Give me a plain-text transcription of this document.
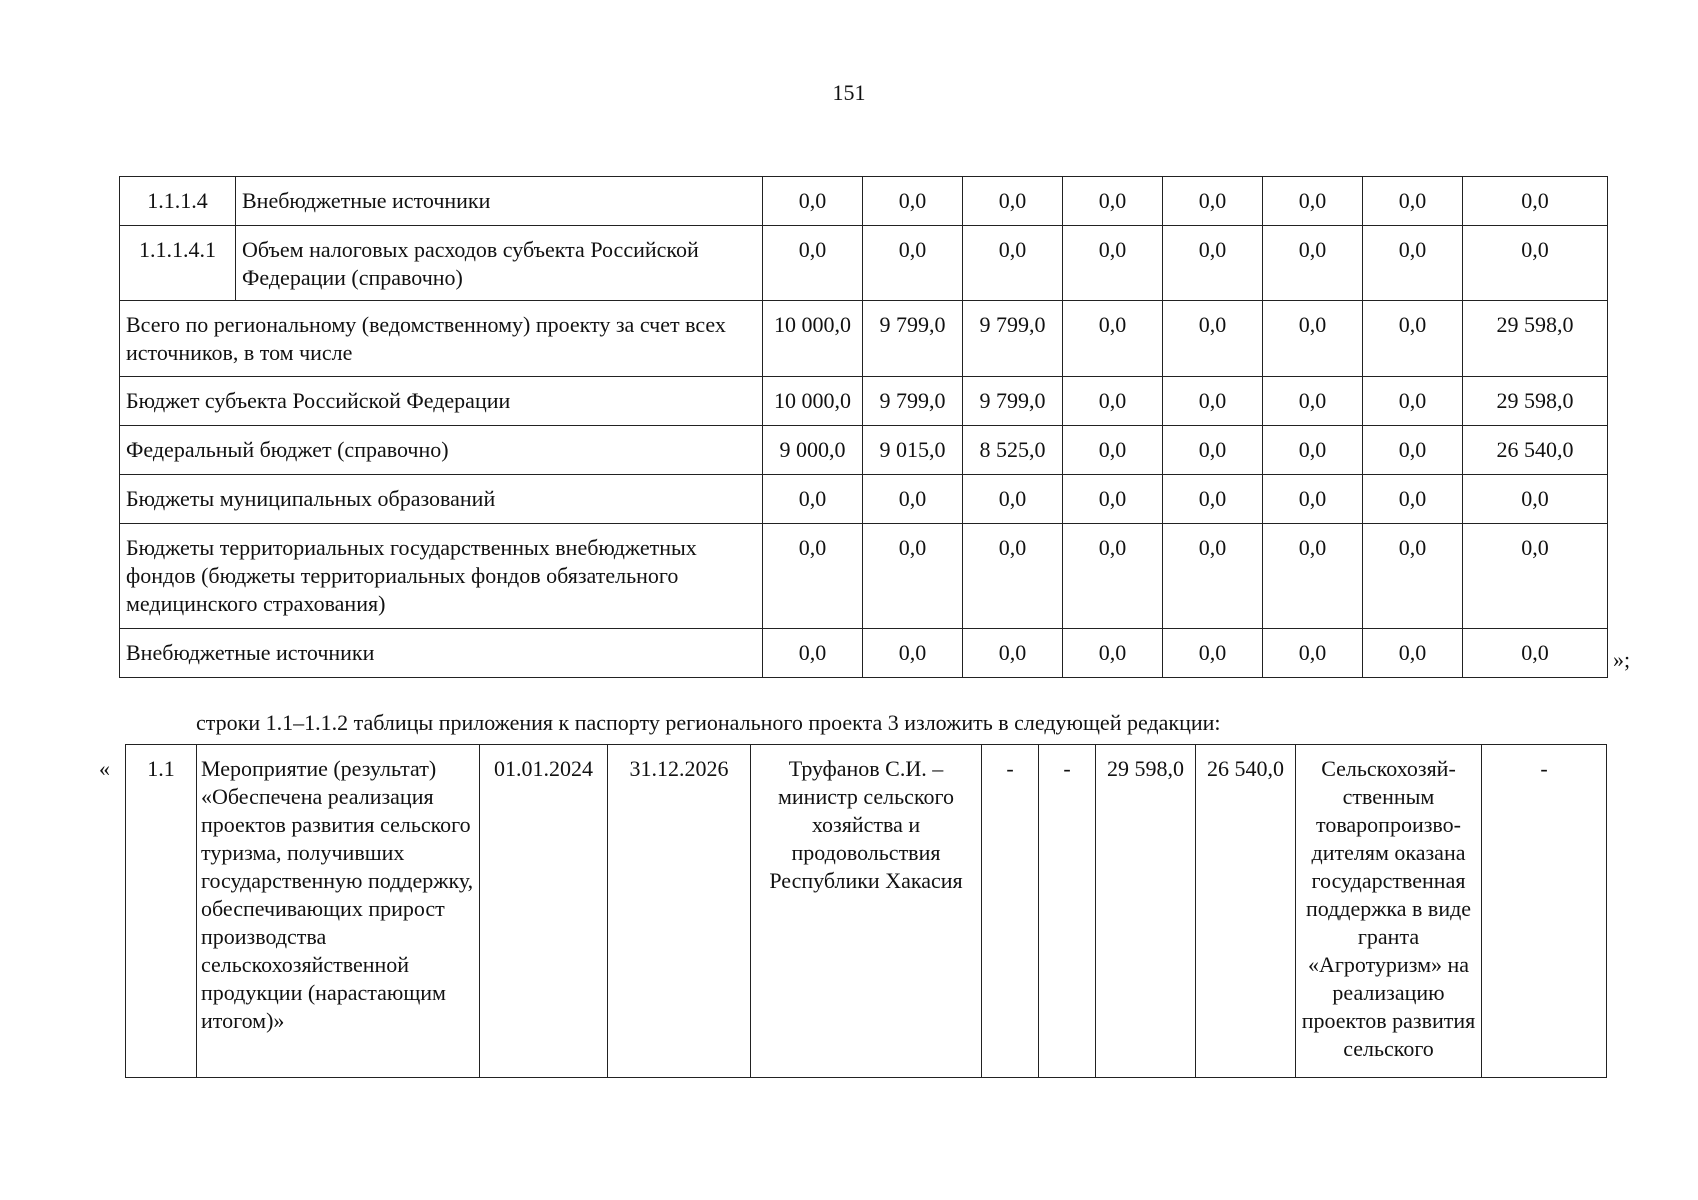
151
1.1.1.4	Внебюджетные источники	0,0	0,0	0,0	0,0	0,0	0,0	0,0	0,0
1.1.1.4.1	Объем налоговых расходов субъекта Российской Федерации (справочно)	0,0	0,0	0,0	0,0	0,0	0,0	0,0	0,0
Всего по региональному (ведомственному) проекту за счет всех источников, в том числе		10 000,0	9 799,0	9 799,0	0,0	0,0	0,0	0,0	29 598,0
Бюджет субъекта Российской Федерации		10 000,0	9 799,0	9 799,0	0,0	0,0	0,0	0,0	29 598,0
Федеральный бюджет (справочно)		9 000,0	9 015,0	8 525,0	0,0	0,0	0,0	0,0	26 540,0
Бюджеты муниципальных образований		0,0	0,0	0,0	0,0	0,0	0,0	0,0	0,0
Бюджеты территориальных государственных внебюджетных фондов (бюджеты территориальных фондов обязательного медицинского страхования)		0,0	0,0	0,0	0,0	0,0	0,0	0,0	0,0
Внебюджетные источники		0,0	0,0	0,0	0,0	0,0	0,0	0,0	0,0	»;
строки 1.1–1.1.2 таблицы приложения к паспорту регионального проекта 3 изложить в следующей редакции:
« 1.1	Мероприятие (результат) «Обеспечена реализация проектов развития сельского туризма, получивших государственную поддержку, обеспечивающих прирост производства сельскохозяйственной продукции (нарастающим итогом)»	01.01.2024	31.12.2026	Труфанов С.И. – министр сельского хозяйства и продовольствия Республики Хакасия	-	-	29 598,0	26 540,0	Сельскохозяй-ственным товаропроизво-дителям оказана государственная поддержка в виде гранта «Агротуризм» на реализацию проектов развития сельского	-
